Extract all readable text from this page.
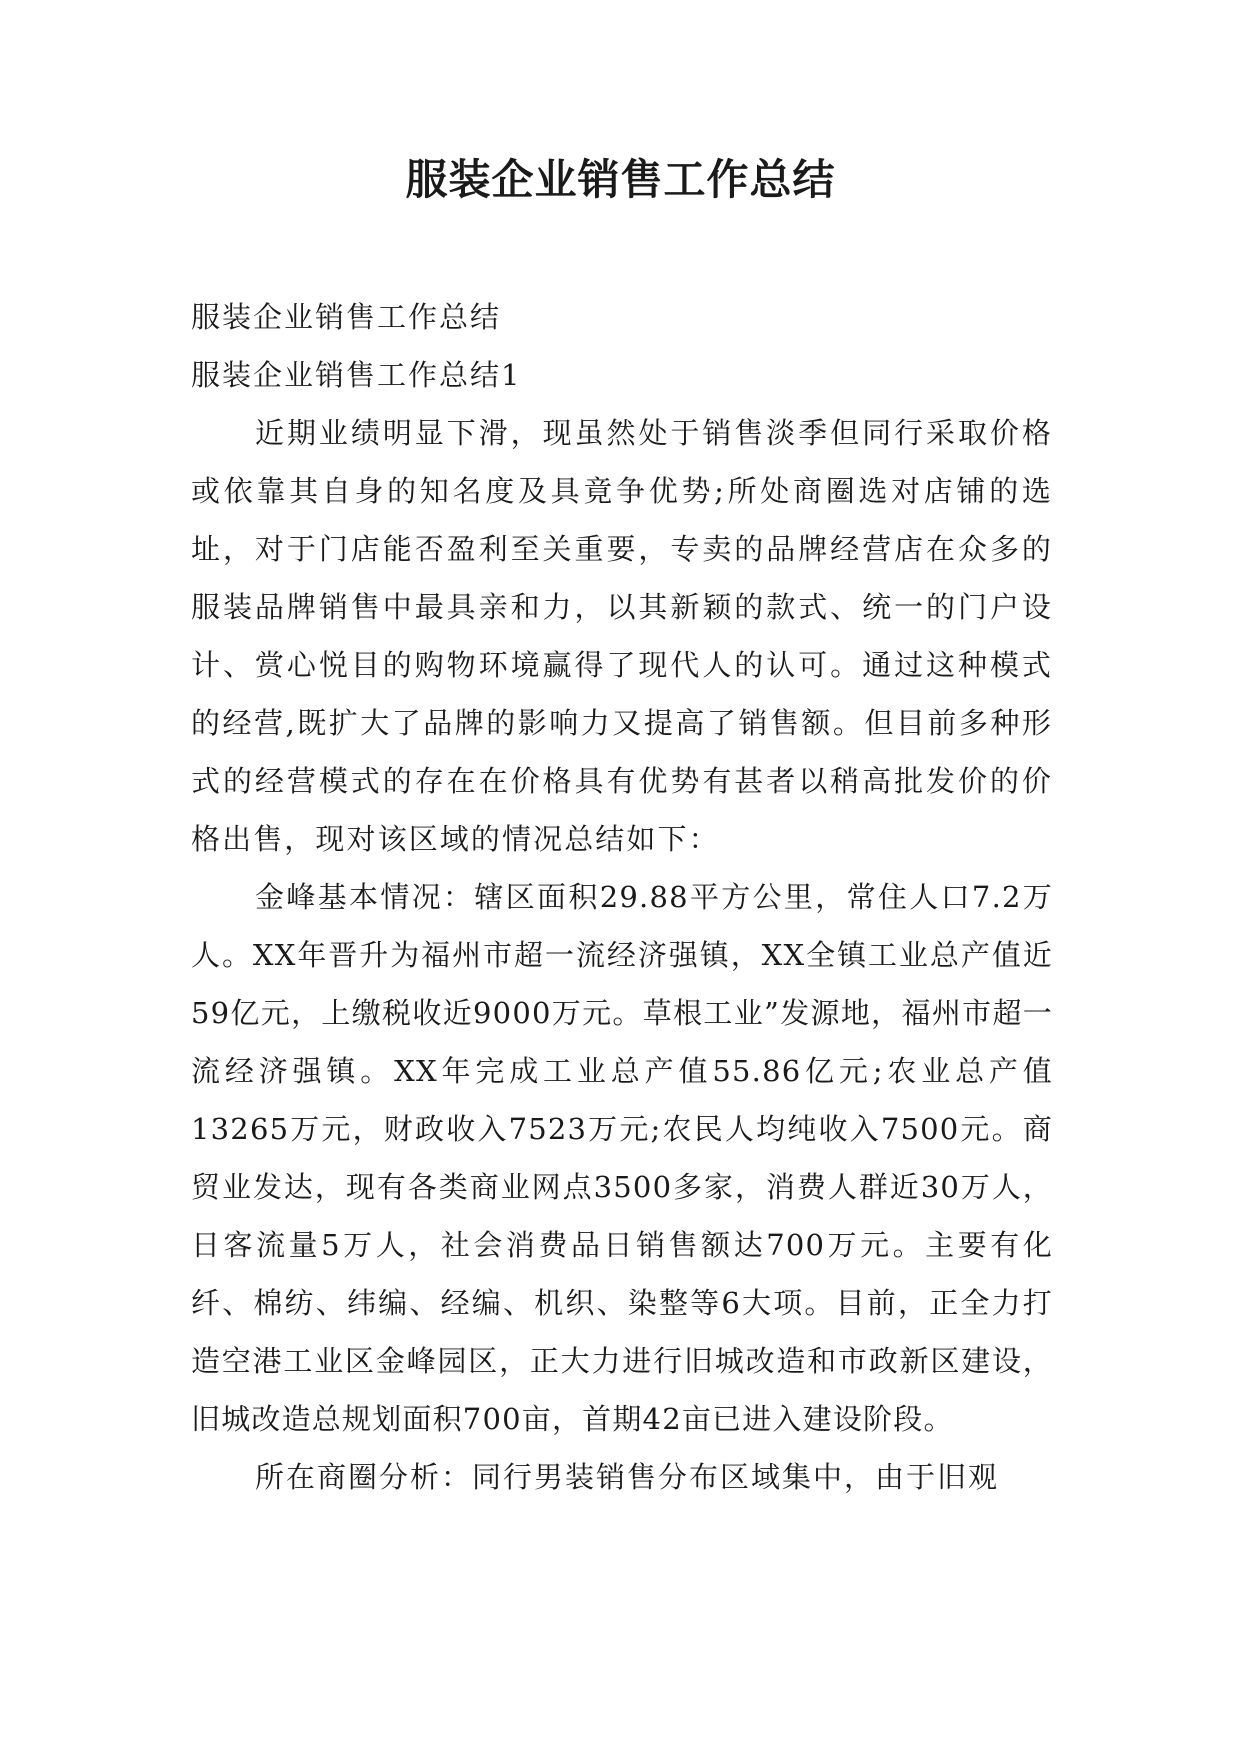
服装企业销售工作总结

服装企业销售工作总结

服装企业销售工作总结1

近期业绩明显下滑，现虽然处于销售淡季但同行采取价格或依靠其自身的知名度及具竟争优势;所处商圈选对店铺的选址，对于门店能否盈利至关重要，专卖的品牌经营店在众多的服装品牌销售中最具亲和力，以其新颖的款式、统一的门户设计、赏心悦目的购物环境赢得了现代人的认可。通过这种模式的经营,既扩大了品牌的影响力又提高了销售额。但目前多种形式的经营模式的存在在价格具有优势有甚者以稍高批发价的价格出售，现对该区域的情况总结如下：

金峰基本情况：辖区面积29.88平方公里，常住人口7.2万人。XX年晋升为福州市超一流经济强镇，XX全镇工业总产值近59亿元，上缴税收近9000万元。草根工业”发源地，福州市超一流经济强镇。XX年完成工业总产值55.86亿元;农业总产值13265万元，财政收入7523万元;农民人均纯收入7500元。商贸业发达，现有各类商业网点3500多家，消费人群近30万人，日客流量5万人，社会消费品日销售额达700万元。主要有化纤、棉纺、纬编、经编、机织、染整等6大项。目前，正全力打造空港工业区金峰园区，正大力进行旧城改造和市政新区建设，旧城改造总规划面积700亩，首期42亩已进入建设阶段。

所在商圈分析：同行男装销售分布区域集中，由于旧观
